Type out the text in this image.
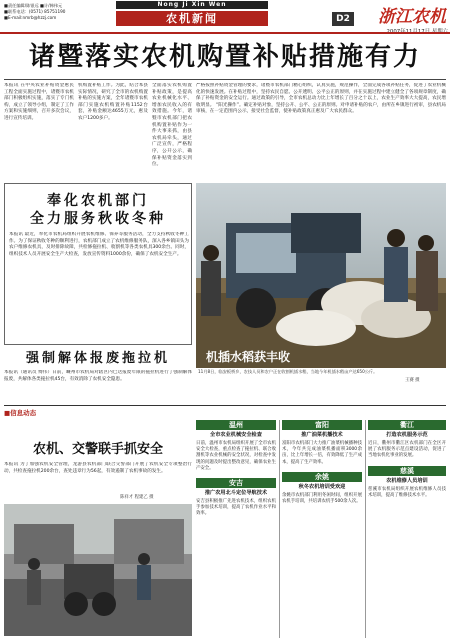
■责任编辑/陈银远 ■计/韩伟元
■联系电话：(0571) 85751190
■E-mail:nmrb@hzzj.com
Nong Ji Xin Wen
农机新闻	D2	浙江农机
诸暨落实农机购置补贴措施有力
本报讯 在中央农业补贴资金惠民工程全面实施过程中，诸暨市农机部门积极组织实施，落实了专门机构，成立了领导小组，制定了工作方案和实施细则，召开多次会议，进行宣传培训。
机购置补贴工作。为此，结合本县实际情况，研究了全市的农机购置补贴的实施方案，全年诸暨市农机部门实施农机购置补贴1152台套，补贴金额达4655万元，惠及农户1200多户。
全面落实农机购置补贴政策，是提高农业机械化水平、增加农民收入的有效措施。今年，诸暨市农机部门把农机购置补贴作为一件大事来抓，由县农机局牵头，通过广泛宣传，严格程序，公开公示，确保补贴资金落实到位。
严格按照补贴资金管理的要求，诸暨市农机部门精心组织，认真实施，规范操作，全面完成各项补贴任务，促进了农业机械化的快速发展。在补贴过程中，坚持农民自愿、公开透明、公平公正的原则，并在实施过程中建立健全了各项规章制度，确保了补贴资金的安全运行。通过政策的引导，全市农机总动力比上年增长了百分之十以上，农业生产效率大大提高，农民增收明显。 “阳光操作”。确定补贴对象，坚持公开、公平、公正的原则。对申请补贴的农户，由所在乡镇进行初审，县农机局审核，在一定范围内公示，接受社会监督，使补贴政策真正惠及广大农民群众。
奉化农机部门
全力服务秋收冬种
本报讯 最近，奉化市农机局组织开展农机维修、保养等服务活动，全力支持秋收冬种工作。为了保证秋收冬种的顺利进行，农机部门成立了农机维修服务队，深入各乡镇田头为农户维修农机具，及时排除故障，共检修拖拉机、收割机等各类农机具300余台。同时，组织技术人员开展安全生产大检查，发放宣传资料1000余份，确保了农机安全生产。
机插水稻获丰收
11月8日，临安板桥乡，农技人员和农户正在收割机插水稻，当地今年机插水稻亩产达650公斤。
王赛 摄
强制解体报废拖拉机
本报讯（通讯员 傅伟）日前，嵊州市农机局对辖区内已达报废年限的拖拉机进行了强制解体报废，共解体各类拖拉机45台，有效消除了农机安全隐患。
■信息动态
农机、交警联手抓安全
本报讯 为了加强农机安全管理，龙游县农机部门联合交警部门开展了农机安全专项整治行动，共检查拖拉机200余台，查处违章行为56起，有效遏制了农机事故的发生。
陈祥才 程建乙 摄
温州
全市农业机械安全检查
日前，温州市农机局组织开展了全市农机安全大检查，重点检查了拖拉机、联合收割机等农业机械的安全状况，对检查中发现的问题及时提出整改意见，确保农业生产安全。
安吉
推广农用北斗定位导航技术
安吉县积极推广先进农机技术，组织农机手参加技术培训，提高了农机作业水平和效率。
富阳
推广油菜机播技术
富阳市农机部门大力推广油菜机械播种技术，今年共完成油菜机播面积3000余亩，比上年增长一倍，有效降低了生产成本，提高了生产效率。
余姚
秋冬农机培训受欢迎
余姚市农机部门利用冬闲时间，组织开展农机手培训，共培训农机手500余人次。
衢江
打造农机服务示范
近日，衢州市衢江区农机部门在全区开展了农机服务示范点建设活动，促进了当地农机化事业的发展。
慈溪
农机维修人员培训
慈溪市农机局组织开展农机维修人员技术培训，提高了维修技术水平。
